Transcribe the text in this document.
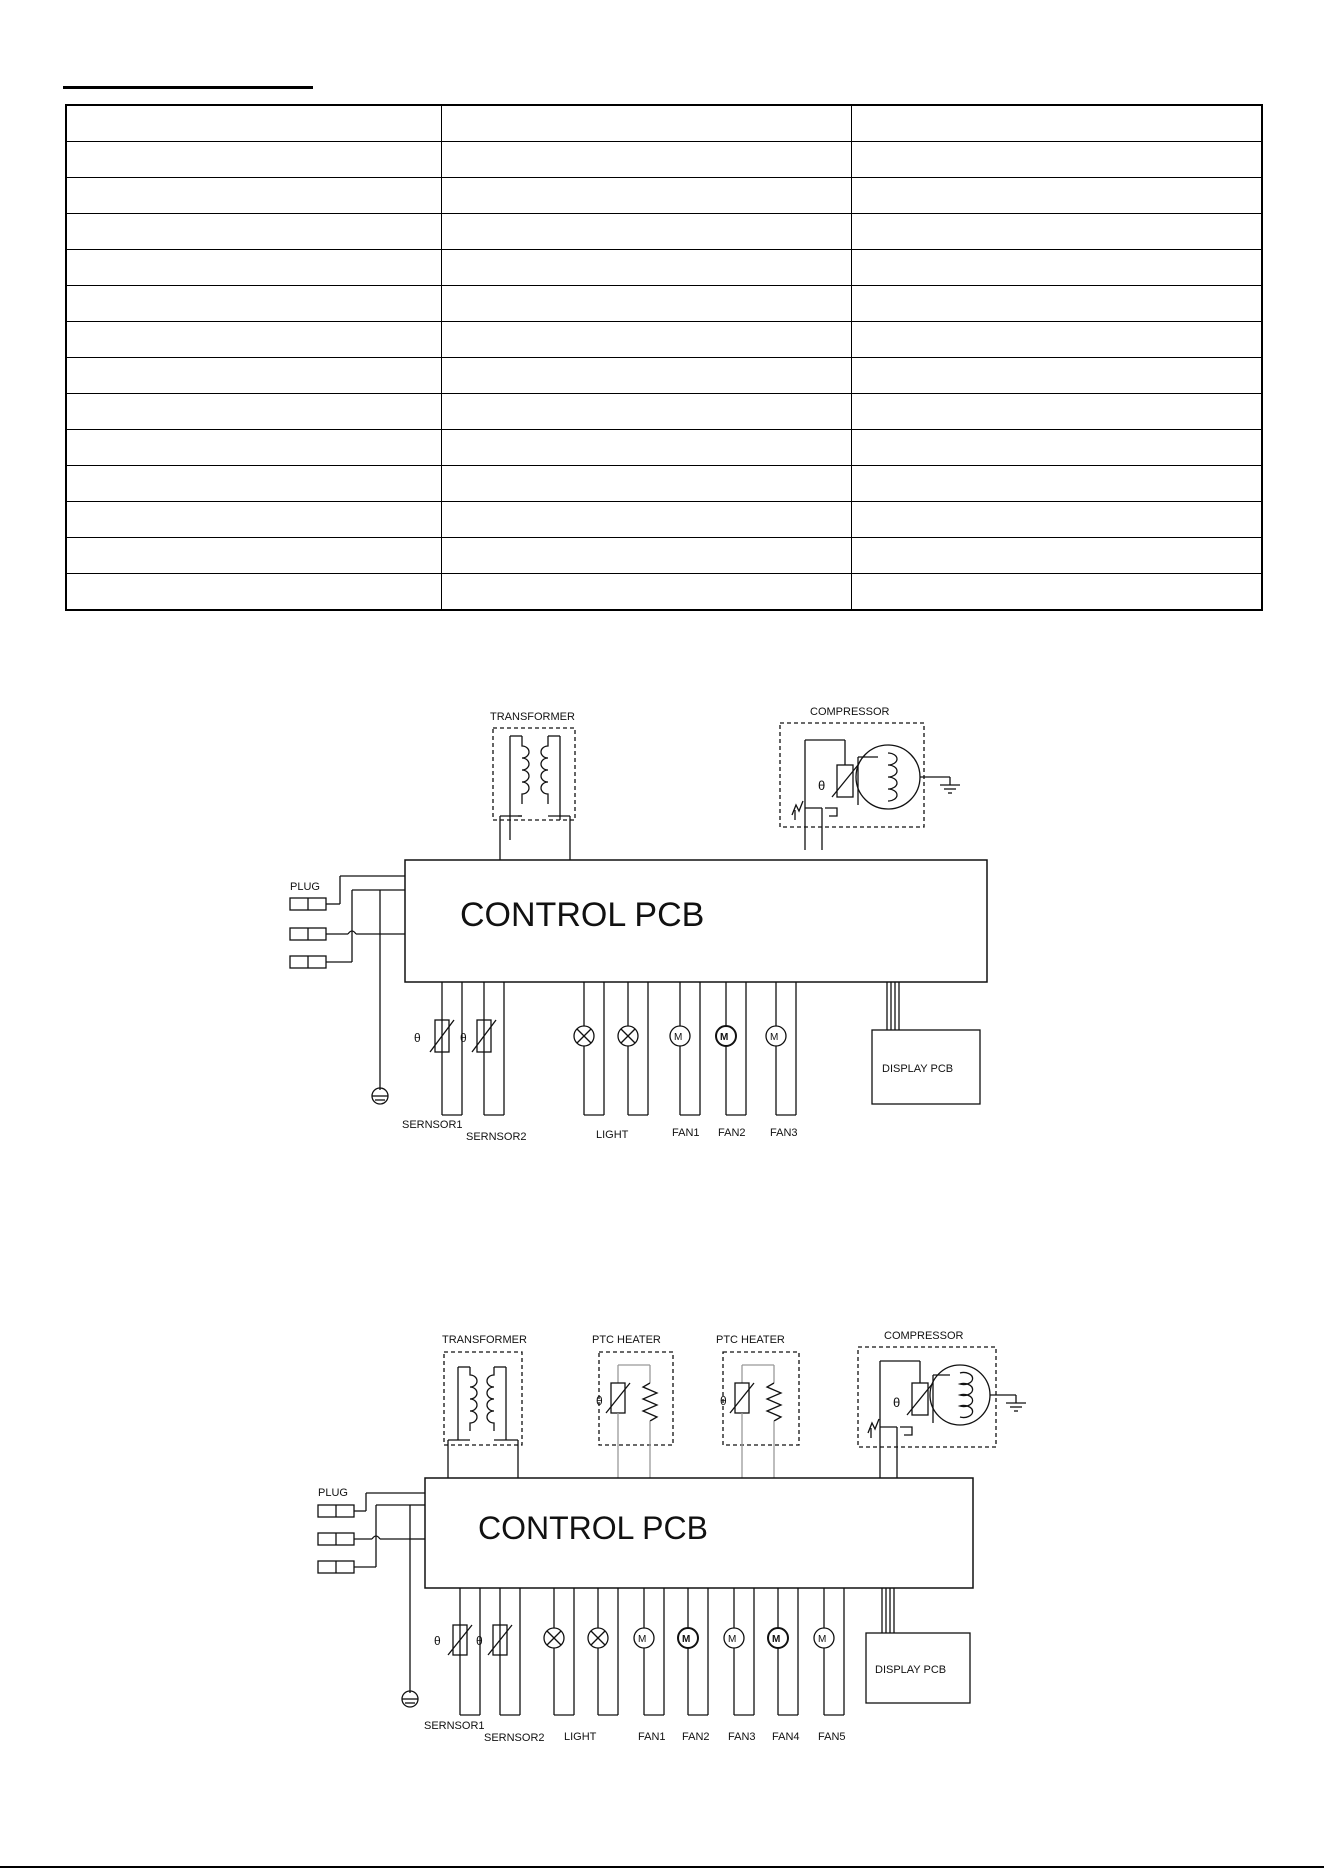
TRANSFORMER	COMPRESSOR
θ
CONTROL PCB
PLUG
θ
SERNSOR1
θ
SERNSOR2	LIGHT
M
FAN1
M
FAN2
M
FAN3
DISPLAY PCB
TRANSFORMER	PTC HEATER
θ
PTC HEATER
θ
COMPRESSOR
θ
CONTROL PCB
PLUG
θ
SERNSOR1
θ
SERNSOR2 LIGHT
M
FAN1
M
FAN2
M
FAN3
M
FAN4
M
FAN5
DISPLAY PCB
